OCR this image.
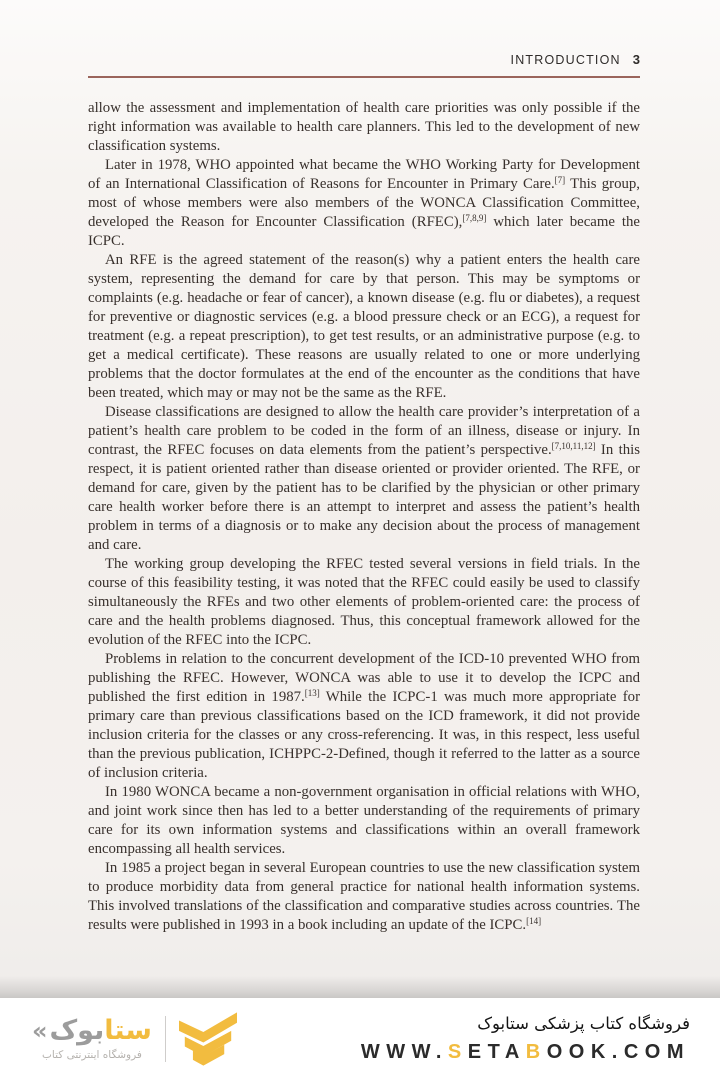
INTRODUCTION 3

allow the assessment and implementation of health care priorities was only possible if the right information was available to health care planners. This led to the development of new classification systems.

Later in 1978, WHO appointed what became the WHO Working Party for Development of an International Classification of Reasons for Encounter in Primary Care.[7] This group, most of whose members were also members of the WONCA Classification Committee, developed the Reason for Encounter Classification (RFEC),[7,8,9] which later became the ICPC.

An RFE is the agreed statement of the reason(s) why a patient enters the health care system, representing the demand for care by that person. This may be symptoms or complaints (e.g. headache or fear of cancer), a known disease (e.g. flu or diabetes), a request for preventive or diagnostic services (e.g. a blood pressure check or an ECG), a request for treatment (e.g. a repeat prescription), to get test results, or an administrative purpose (e.g. to get a medical certificate). These reasons are usually related to one or more underlying problems that the doctor formulates at the end of the encounter as the conditions that have been treated, which may or may not be the same as the RFE.

Disease classifications are designed to allow the health care provider’s interpretation of a patient’s health care problem to be coded in the form of an illness, disease or injury. In contrast, the RFEC focuses on data elements from the patient’s perspective.[7,10,11,12] In this respect, it is patient oriented rather than disease oriented or provider oriented. The RFE, or demand for care, given by the patient has to be clarified by the physician or other primary care health worker before there is an attempt to interpret and assess the patient’s health problem in terms of a diagnosis or to make any decision about the process of management and care.

The working group developing the RFEC tested several versions in field trials. In the course of this feasibility testing, it was noted that the RFEC could easily be used to classify simultaneously the RFEs and two other elements of problem-oriented care: the process of care and the health problems diagnosed. Thus, this conceptual framework allowed for the evolution of the RFEC into the ICPC.

Problems in relation to the concurrent development of the ICD-10 prevented WHO from publishing the RFEC. However, WONCA was able to use it to develop the ICPC and published the first edition in 1987.[13] While the ICPC-1 was much more appropriate for primary care than previous classifications based on the ICD framework, it did not provide inclusion criteria for the classes or any cross-referencing. It was, in this respect, less useful than the previous publication, ICHPPC-2-Defined, though it referred to the latter as a source of inclusion criteria.

In 1980 WONCA became a non-government organisation in official relations with WHO, and joint work since then has led to a better understanding of the requirements of primary care for its own information systems and classifications within an overall framework encompassing all health services.

In 1985 a project began in several European countries to use the new classification system to produce morbidity data from general practice for national health information systems. This involved translations of the classification and comparative studies across countries. The results were published in 1993 in a book including an update of the ICPC.[14]

«	ستابوک
فروشگاه اینترنتی کتاب
فروشگاه کتاب پزشکی ستابوک
WWW.SETABOOK.COM
